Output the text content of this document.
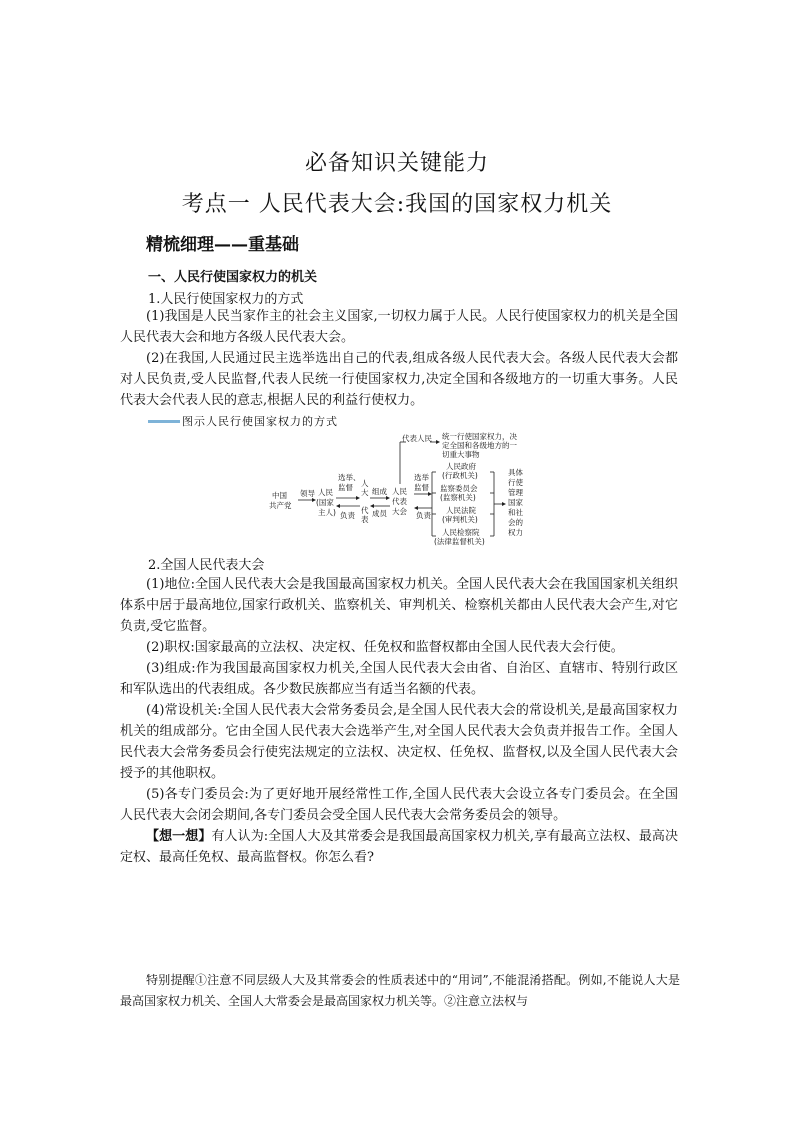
必备知识关键能力
考点一 人民代表大会:我国的国家权力机关
精梳细理——重基础
一、人民行使国家权力的机关
1.人民行使国家权力的方式
(1)我国是人民当家作主的社会主义国家,一切权力属于人民。人民行使国家权力的机关是全国人民代表大会和地方各级人民代表大会。
(2)在我国,人民通过民主选举选出自己的代表,组成各级人民代表大会。各级人民代表大会都对人民负责,受人民监督,代表人民统一行使国家权力,决定全国和各级地方的一切重大事务。人民代表大会代表人民的意志,根据人民的利益行使权力。
图示人民行使国家权力的方式
中国
共产党
领导 人民
(国家
主人)
选举、
监督
负责
人
大
代
表
组成
成员
人民
代表
大会
代表人民 统一行使国家权力，决
定全国和各级地方的一
切重大事物
选举
监督
负责
人民政府
(行政机关)
监察委员会
(监察机关)
人民法院
(审判机关)
人民检察院
(法律监督机关)
具体
行使
管理
国家
和社
会的
权力
2.全国人民代表大会
(1)地位:全国人民代表大会是我国最高国家权力机关。全国人民代表大会在我国国家机关组织体系中居于最高地位,国家行政机关、监察机关、审判机关、检察机关都由人民代表大会产生,对它负责,受它监督。
(2)职权:国家最高的立法权、决定权、任免权和监督权都由全国人民代表大会行使。
(3)组成:作为我国最高国家权力机关,全国人民代表大会由省、自治区、直辖市、特别行政区和军队选出的代表组成。各少数民族都应当有适当名额的代表。
(4)常设机关:全国人民代表大会常务委员会,是全国人民代表大会的常设机关,是最高国家权力机关的组成部分。它由全国人民代表大会选举产生,对全国人民代表大会负责并报告工作。全国人民代表大会常务委员会行使宪法规定的立法权、决定权、任免权、监督权,以及全国人民代表大会授予的其他职权。
(5)各专门委员会:为了更好地开展经常性工作,全国人民代表大会设立各专门委员会。在全国人民代表大会闭会期间,各专门委员会受全国人民代表大会常务委员会的领导。
【想一想】有人认为:全国人大及其常委会是我国最高国家权力机关,享有最高立法权、最高决定权、最高任免权、最高监督权。你怎么看?
特别提醒①注意不同层级人大及其常委会的性质表述中的“用词”,不能混淆搭配。例如,不能说人大是最高国家权力机关、全国人大常委会是最高国家权力机关等。②注意立法权与
